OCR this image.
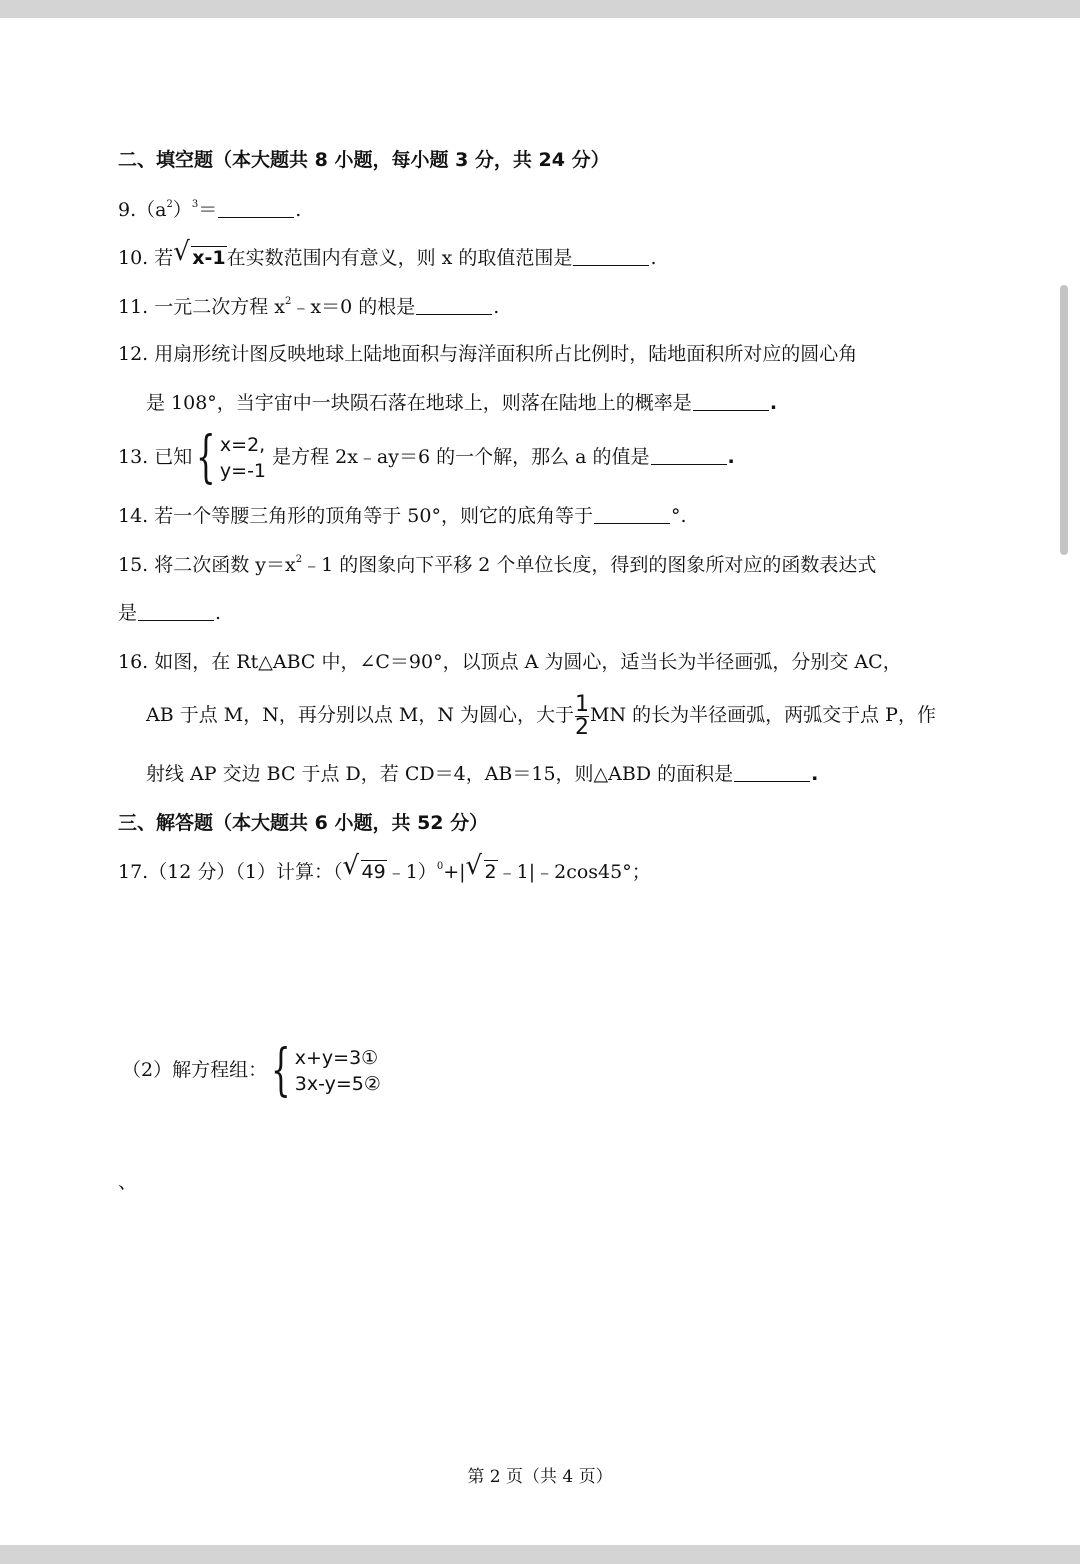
二、填空题（本大题共 8 小题，每小题 3 分，共 24 分）
$9.(a^2)^3=$	.
10. 若 √ x-1在实数范围内有意义，则 x 的取值范围是	.
11. 一元二次方程 $x^2﹣x=0$ 的根是	.
12. 用扇形统计图反映地球上陆地面积与海洋面积所占比例时，陆地面积所对应的圆心角
是 108°，当宇宙中一块陨石落在地球上，则落在陆地上的概率是	.
13. 已知{ x=2,
y=-1
是方程 2x﹣ay＝6 的一个解，那么 a 的值是	.
14. 若一个等腰三角形的顶角等于 50°，则它的底角等于	°.
15. 将二次函数 $y=x^2﹣1$ 的图象向下平移 2 个单位长度，得到的图象所对应的函数表达式
是	.
16. 如图，在 Rt△ABC 中，∠C＝90°，以顶点 A 为圆心，适当长为半径画弧，分别交 AC，
AB 于点 M，N，再分别以点 M，N 为圆心，大于 $\frac{1}{2}$ MN 的长为半径画弧，两弧交于点 P，作
射线 AP 交边 BC 于点 D，若 CD＝4，AB＝15，则△ABD 的面积是	.
三、解答题（本大题共 6 小题，共 52 分）
17.（12 分）（1）计算：（ √ 49﹣1）$^0$+| √ 2﹣1|﹣2cos45°；
（2）解方程组：{ x+y=3①
3x-y=5②
、
第 2 页（共 4 页）
